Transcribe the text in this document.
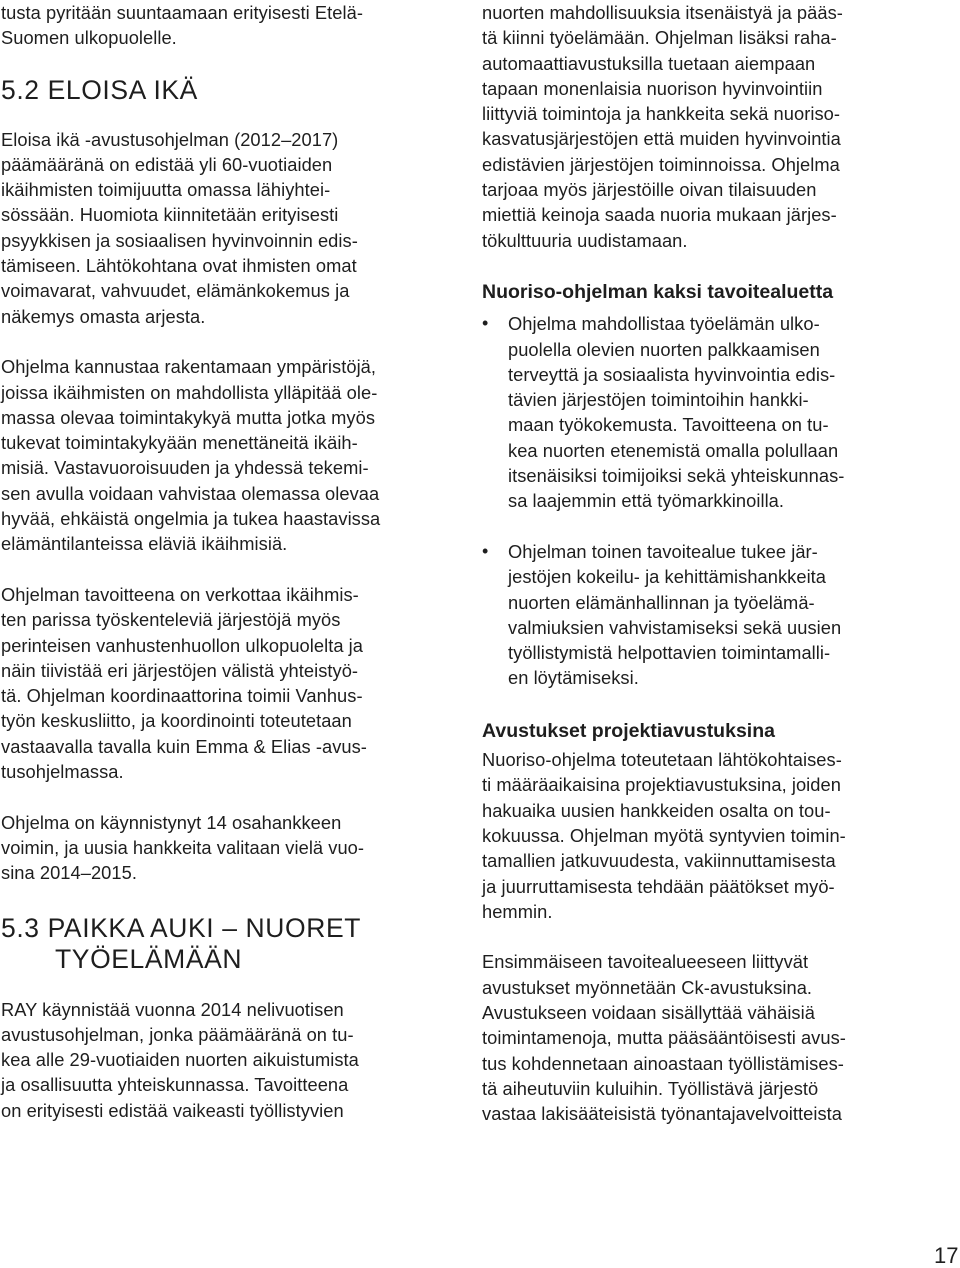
tusta pyritään suuntaamaan erityisesti Etelä-
Suomen ulkopuolelle.
5.2 ELOISA IKÄ
Eloisa ikä -avustusohjelman (2012–2017)
päämääränä on edistää yli 60-vuotiaiden
ikäihmisten toimijuutta omassa lähiyhtei-
sössään. Huomiota kiinnitetään erityisesti
psyykkisen ja sosiaalisen hyvinvoinnin edis-
tämiseen. Lähtökohtana ovat ihmisten omat
voimavarat, vahvuudet, elämänkokemus ja
näkemys omasta arjesta.
Ohjelma kannustaa rakentamaan ympäristöjä,
joissa ikäihmisten on mahdollista ylläpitää ole-
massa olevaa toimintakykyä mutta jotka myös
tukevat toimintakykyään menettäneitä ikäih-
misiä. Vastavuoroisuuden ja yhdessä tekemi-
sen avulla voidaan vahvistaa olemassa olevaa
hyvää, ehkäistä ongelmia ja tukea haastavissa
elämäntilanteissa eläviä ikäihmisiä.
Ohjelman tavoitteena on verkottaa ikäihmis-
ten parissa työskenteleviä järjestöjä myös
perinteisen vanhustenhuollon ulkopuolelta ja
näin tiivistää eri järjestöjen välistä yhteistyö-
tä. Ohjelman koordinaattorina toimii Vanhus-
työn keskusliitto, ja koordinointi toteutetaan
vastaavalla tavalla kuin Emma & Elias -avus-
tusohjelmassa.
Ohjelma on käynnistynyt 14 osahankkeen
voimin, ja uusia hankkeita valitaan vielä vuo-
sina 2014–2015.
5.3 PAIKKA AUKI – NUORET
TYÖELÄMÄÄN
RAY käynnistää vuonna 2014 nelivuotisen
avustusohjelman, jonka päämääränä on tu-
kea alle 29-vuotiaiden nuorten aikuistumista
ja osallisuutta yhteiskunnassa. Tavoitteena
on erityisesti edistää vaikeasti työllistyvien
nuorten mahdollisuuksia itsenäistyä ja pääs-
tä kiinni työelämään. Ohjelman lisäksi raha-
automaattiavustuksilla tuetaan aiempaan
tapaan monenlaisia nuorison hyvinvointiin
liittyviä toimintoja ja hankkeita sekä nuoriso-
kasvatusjärjestöjen että muiden hyvinvointia
edistävien järjestöjen toiminnoissa. Ohjelma
tarjoaa myös järjestöille oivan tilaisuuden
miettiä keinoja saada nuoria mukaan järjes-
tökulttuuria uudistamaan.
Nuoriso-ohjelman kaksi tavoitealuetta
• Ohjelma mahdollistaa työelämän ulko-
puolella olevien nuorten palkkaamisen
terveyttä ja sosiaalista hyvinvointia edis-
tävien järjestöjen toimintoihin hankki-
maan työkokemusta. Tavoitteena on tu-
kea nuorten etenemistä omalla polullaan
itsenäisiksi toimijoiksi sekä yhteiskunnas-
sa laajemmin että työmarkkinoilla.
• Ohjelman toinen tavoitealue tukee jär-
jestöjen kokeilu- ja kehittämishankkeita
nuorten elämänhallinnan ja työelämä-
valmiuksien vahvistamiseksi sekä uusien
työllistymistä helpottavien toimintamalli-
en löytämiseksi.
Avustukset projektiavustuksina
Nuoriso-ohjelma toteutetaan lähtökohtaises-
ti määräaikaisina projektiavustuksina, joiden
hakuaika uusien hankkeiden osalta on tou-
kokuussa. Ohjelman myötä syntyvien toimin-
tamallien jatkuvuudesta, vakiinnuttamisesta
ja juurruttamisesta tehdään päätökset myö-
hemmin.
Ensimmäiseen tavoitealueeseen liittyvät
avustukset myönnetään Ck-avustuksina.
Avustukseen voidaan sisällyttää vähäisiä
toimintamenoja, mutta pääsääntöisesti avus-
tus kohdennetaan ainoastaan työllistämises-
tä aiheutuviin kuluihin. Työllistävä järjestö
vastaa lakisääteisistä työnantajavelvoitteista
17
